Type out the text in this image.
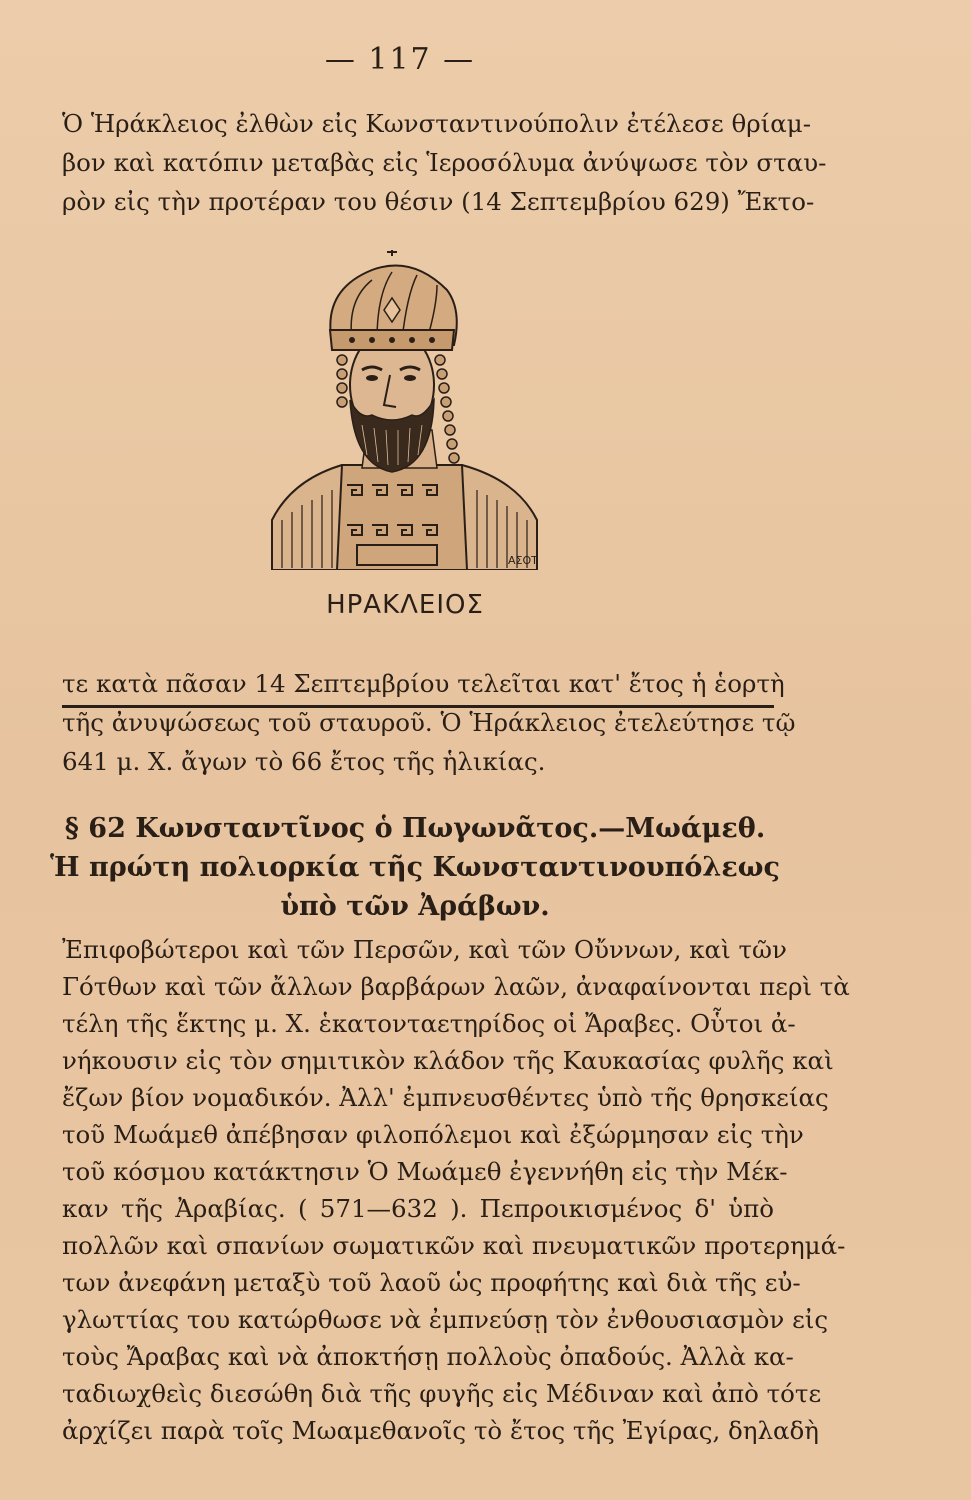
— 117 —
Ὁ Ἡράκλειος ἐλθὼν εἰς Κωνσταντινούπολιν ἐτέλεσε θρίαμ-
βον καὶ κατόπιν μεταβὰς εἰς Ἱεροσόλυμα ἀνύψωσε τὸν σταυ-
ρὸν εἰς τὴν προτέραν του θέσιν (14 Σεπτεμβρίου 629) Ἔκτο-
ΑΣΟΤ
ΗΡΑΚΛΕΙΟΣ
τε κατὰ πᾶσαν 14 Σεπτεμβρίου τελεῖται κατ' ἔτος ἡ ἑορτὴ
τῆς ἀνυψώσεως τοῦ σταυροῦ. Ὁ Ἡράκλειος ἐτελεύτησε τῷ
641 μ. Χ. ἄγων τὸ 66 ἔτος τῆς ἡλικίας.
§ 62 Κωνσταντῖνος ὁ Πωγωνᾶτος.—Μωάμεθ.
Ἡ πρώτη πολιορκία τῆς Κωνσταντινουπόλεως
ὑπὸ τῶν Ἀράβων.
Ἐπιφοβώτεροι καὶ τῶν Περσῶν, καὶ τῶν Οὔννων, καὶ τῶν
Γότθων καὶ τῶν ἄλλων βαρβάρων λαῶν, ἀναφαίνονται περὶ τὰ
τέλη τῆς ἕκτης μ. Χ. ἑκατονταετηρίδος οἱ Ἄραβες. Οὗτοι ἀ-
νήκουσιν εἰς τὸν σημιτικὸν κλάδον τῆς Καυκασίας φυλῆς καὶ
ἔζων βίον νομαδικόν. Ἀλλ' ἐμπνευσθέντες ὑπὸ τῆς θρησκείας
τοῦ Μωάμεθ ἀπέβησαν φιλοπόλεμοι καὶ ἐξώρμησαν εἰς τὴν
τοῦ κόσμου κατάκτησιν Ὁ Μωάμεθ ἐγεννήθη εἰς τὴν Μέκ-
καν τῆς Ἀραβίας. ( 571—632 ). Πεπροικισμένος δ' ὑπὸ
πολλῶν καὶ σπανίων σωματικῶν καὶ πνευματικῶν προτερημά-
των ἀνεφάνη μεταξὺ τοῦ λαοῦ ὡς προφήτης καὶ διὰ τῆς εὐ-
γλωττίας του κατώρθωσε νὰ ἐμπνεύσῃ τὸν ἐνθουσιασμὸν εἰς
τοὺς Ἄραβας καὶ νὰ ἀποκτήσῃ πολλοὺς ὀπαδούς. Ἀλλὰ κα-
ταδιωχθεὶς διεσώθη διὰ τῆς φυγῆς εἰς Μέδιναν καὶ ἀπὸ τότε
ἀρχίζει παρὰ τοῖς Μωαμεθανοῖς τὸ ἔτος τῆς Ἐγίρας, δηλαδὴ
